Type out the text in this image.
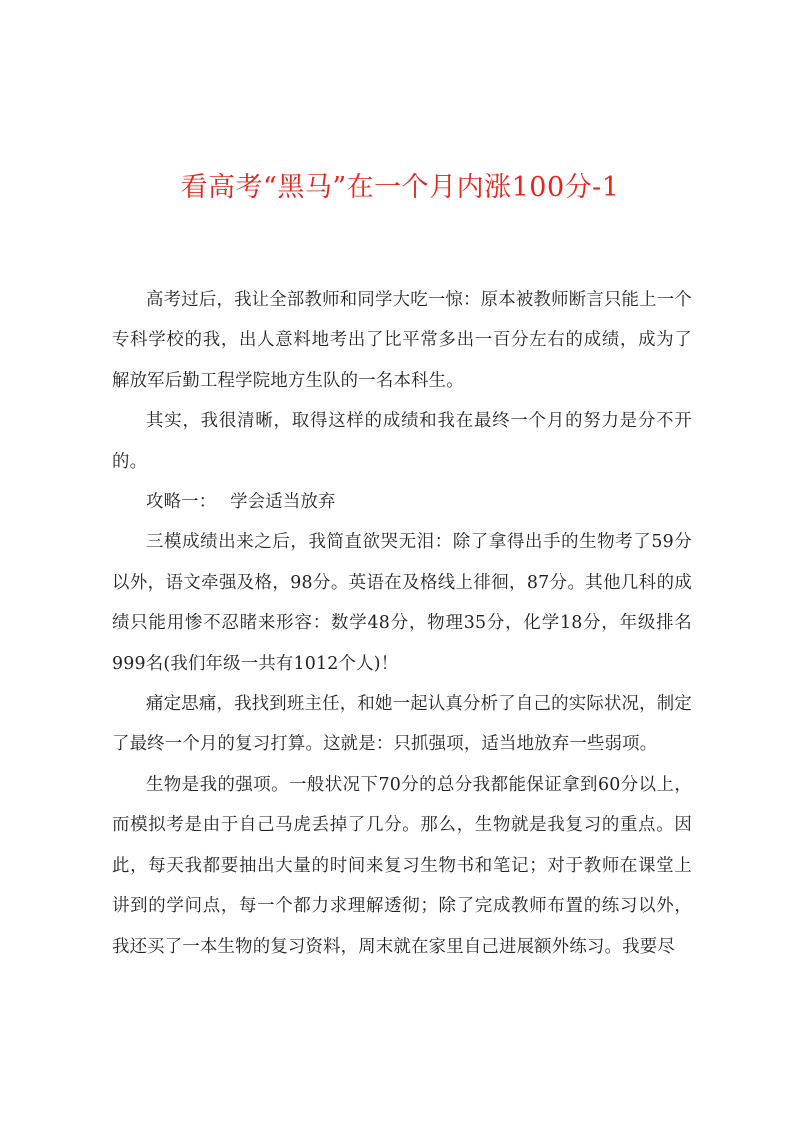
看高考“黑马”在一个月内涨100分-1

高考过后，我让全部教师和同学大吃一惊：原本被教师断言只能上一个专科学校的我，出人意料地考出了比平常多出一百分左右的成绩，成为了解放军后勤工程学院地方生队的一名本科生。

其实，我很清晰，取得这样的成绩和我在最终一个月的努力是分不开的。

攻略一： 学会适当放弃

三模成绩出来之后，我简直欲哭无泪：除了拿得出手的生物考了59分以外，语文牵强及格，98分。英语在及格线上徘徊，87分。其他几科的成绩只能用惨不忍睹来形容：数学48分，物理35分，化学18分，年级排名999名(我们年级一共有1012个人)！

痛定思痛，我找到班主任，和她一起认真分析了自己的实际状况，制定了最终一个月的复习打算。这就是：只抓强项，适当地放弃一些弱项。

生物是我的强项。一般状况下70分的总分我都能保证拿到60分以上，而模拟考是由于自己马虎丢掉了几分。那么，生物就是我复习的重点。因此，每天我都要抽出大量的时间来复习生物书和笔记；对于教师在课堂上讲到的学问点，每一个都力求理解透彻；除了完成教师布置的练习以外，我还买了一本生物的复习资料，周末就在家里自己进展额外练习。我要尽
